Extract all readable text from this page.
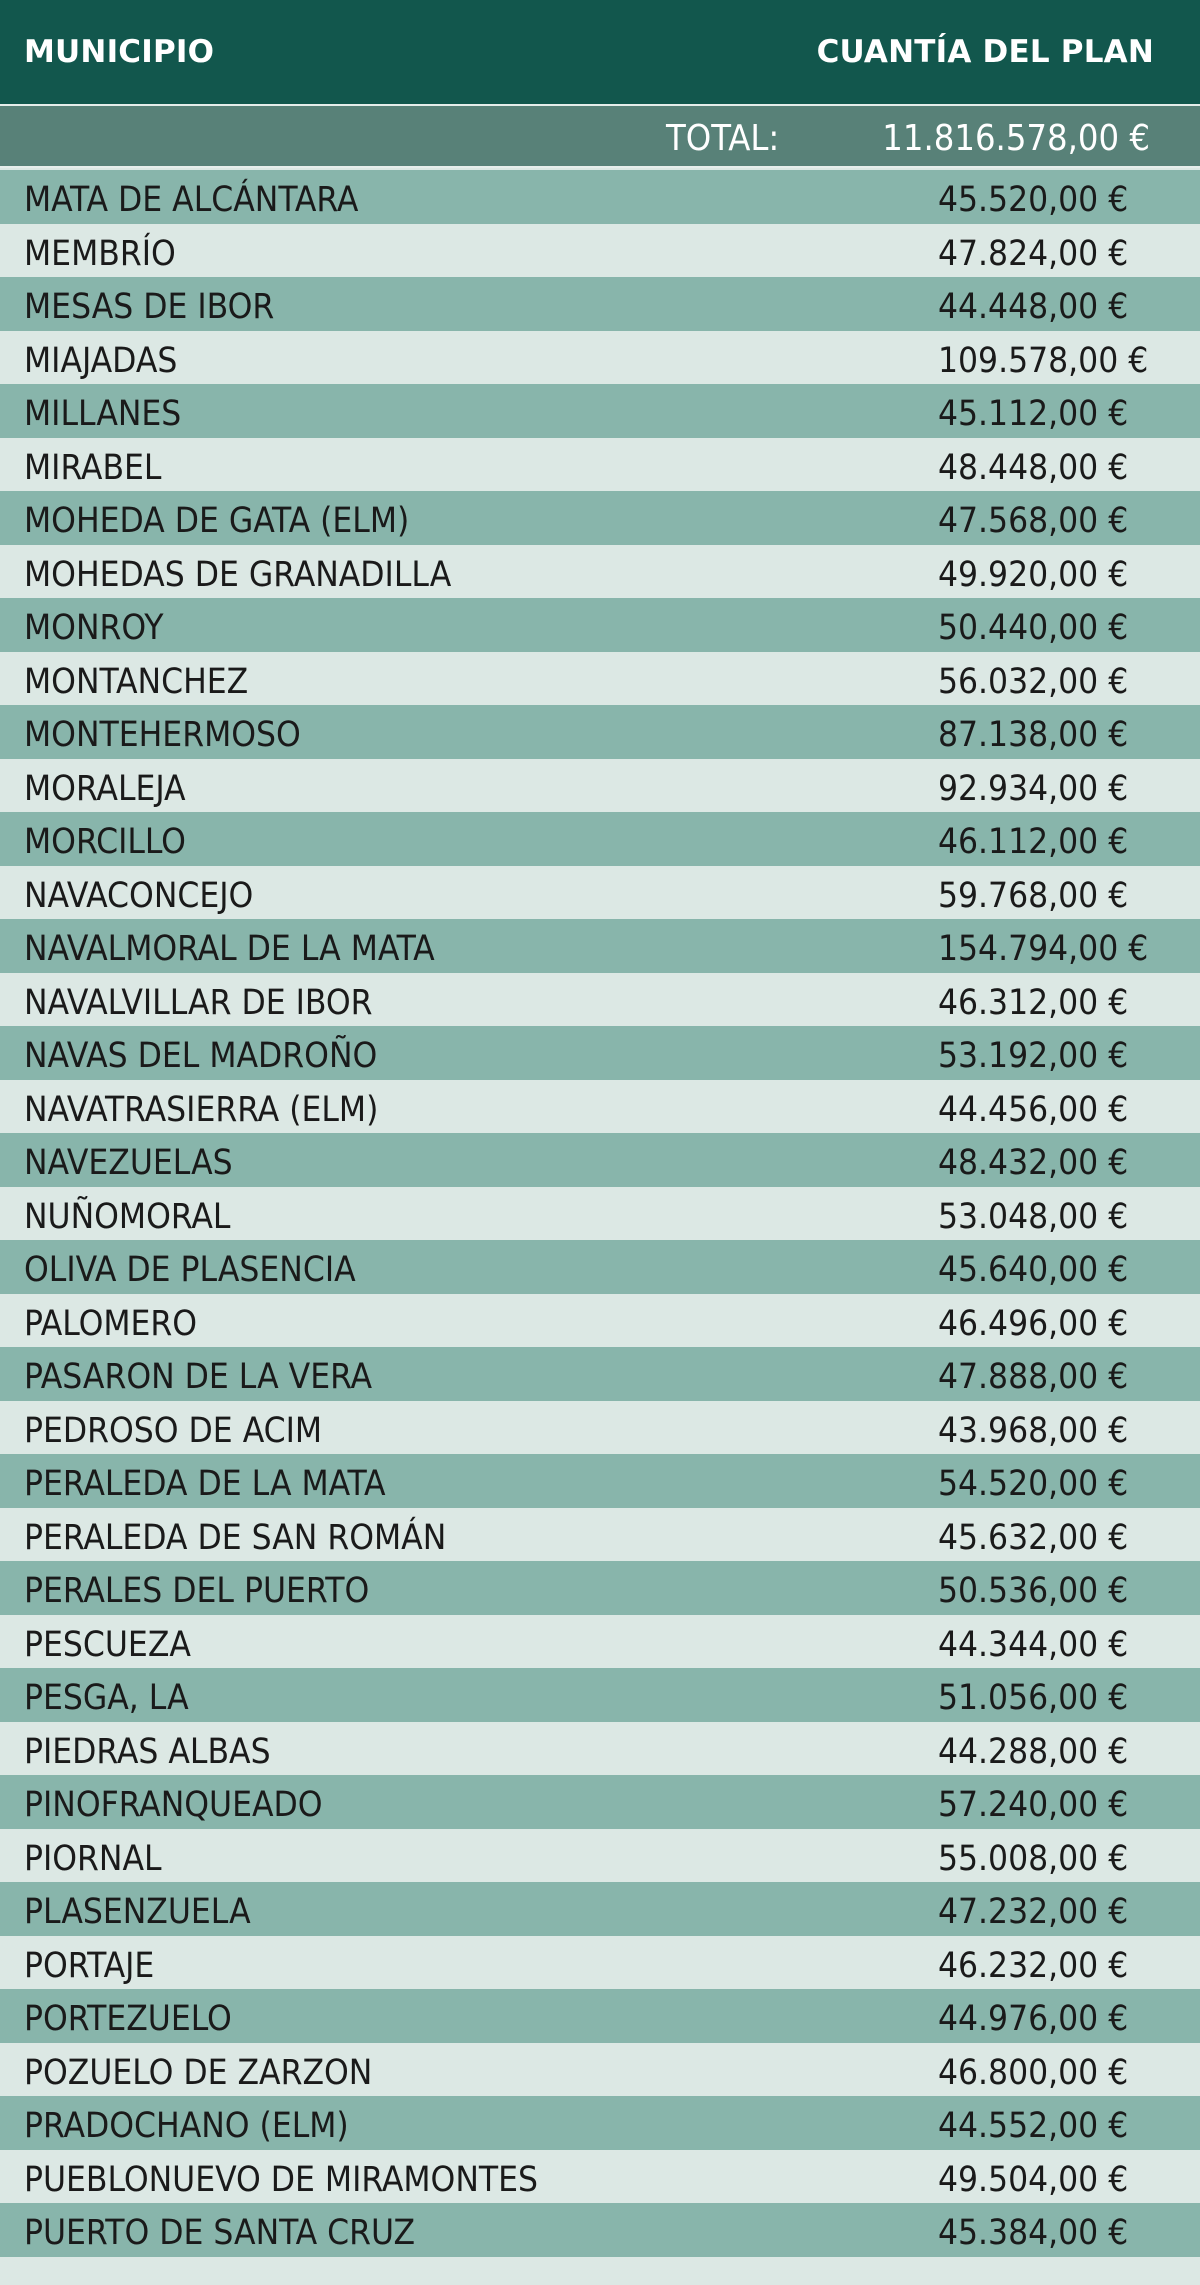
MUNICIPIO	CUANTÍA DEL PLAN
TOTAL:	11.816.578,00 €
MATA DE ALCÁNTARA	45.520,00 €
MEMBRÍO	47.824,00 €
MESAS DE IBOR	44.448,00 €
MIAJADAS	109.578,00 €
MILLANES	45.112,00 €
MIRABEL	48.448,00 €
MOHEDA DE GATA (ELM)	47.568,00 €
MOHEDAS DE GRANADILLA	49.920,00 €
MONROY	50.440,00 €
MONTANCHEZ	56.032,00 €
MONTEHERMOSO	87.138,00 €
MORALEJA	92.934,00 €
MORCILLO	46.112,00 €
NAVACONCEJO	59.768,00 €
NAVALMORAL DE LA MATA	154.794,00 €
NAVALVILLAR DE IBOR	46.312,00 €
NAVAS DEL MADROÑO	53.192,00 €
NAVATRASIERRA (ELM)	44.456,00 €
NAVEZUELAS	48.432,00 €
NUÑOMORAL	53.048,00 €
OLIVA DE PLASENCIA	45.640,00 €
PALOMERO	46.496,00 €
PASARON DE LA VERA	47.888,00 €
PEDROSO DE ACIM	43.968,00 €
PERALEDA DE LA MATA	54.520,00 €
PERALEDA DE SAN ROMÁN	45.632,00 €
PERALES DEL PUERTO	50.536,00 €
PESCUEZA	44.344,00 €
PESGA, LA	51.056,00 €
PIEDRAS ALBAS	44.288,00 €
PINOFRANQUEADO	57.240,00 €
PIORNAL	55.008,00 €
PLASENZUELA	47.232,00 €
PORTAJE	46.232,00 €
PORTEZUELO	44.976,00 €
POZUELO DE ZARZON	46.800,00 €
PRADOCHANO (ELM)	44.552,00 €
PUEBLONUEVO DE MIRAMONTES	49.504,00 €
PUERTO DE SANTA CRUZ	45.384,00 €
